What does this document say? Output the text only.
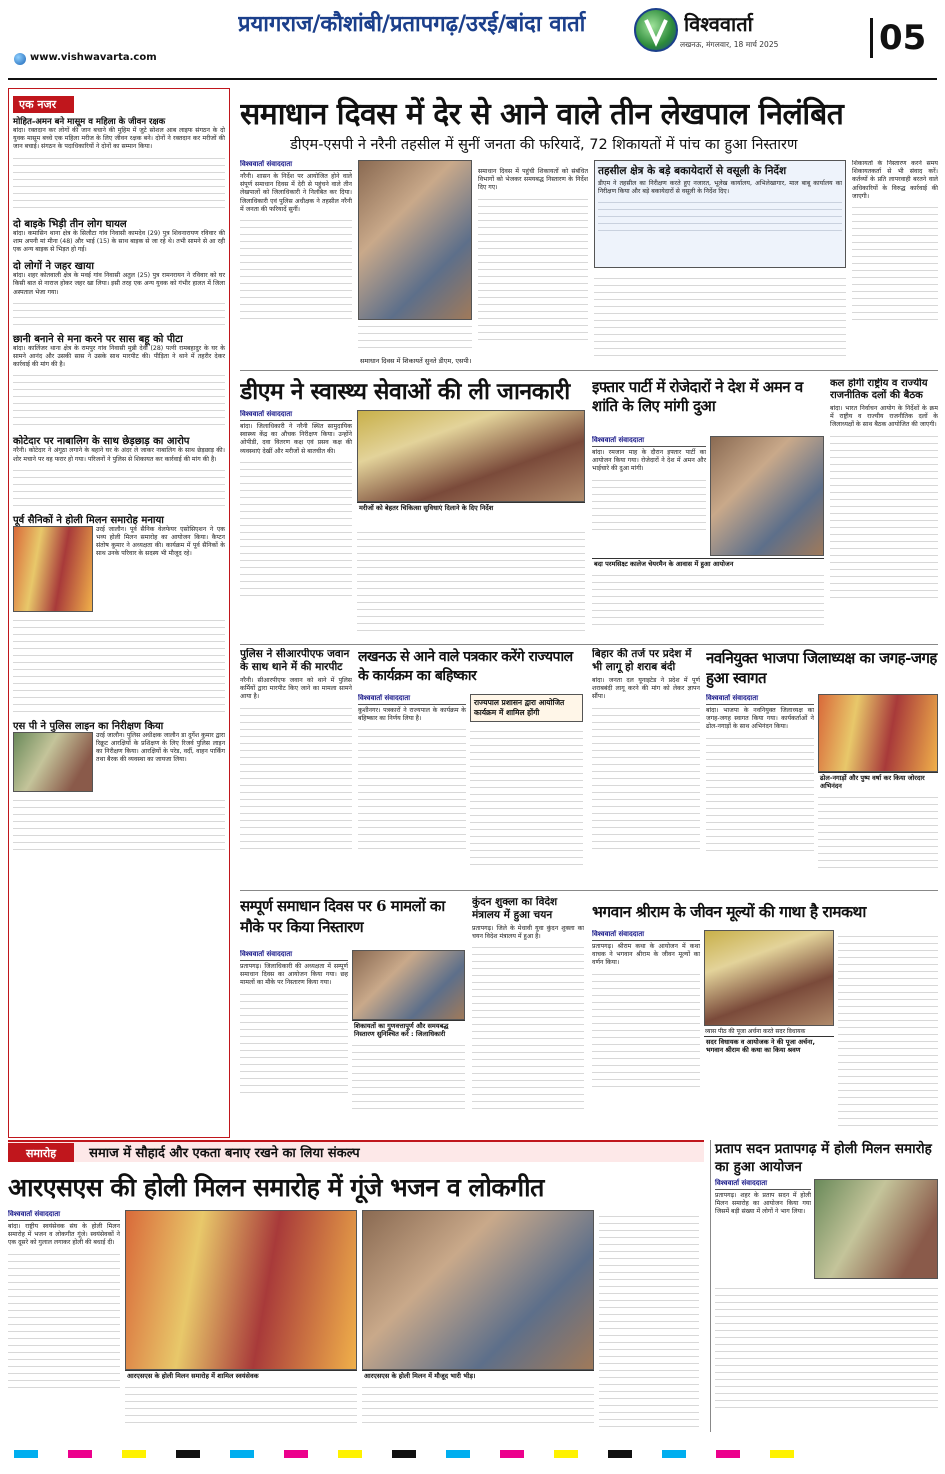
प्रयागराज/कौशांबी/प्रतापगढ़/उरई/बांदा वार्ता	विश्ववार्ता
लखनऊ, मंगलवार, 18 मार्च 2025	05
www.vishwavarta.com
एक नजर
मोहित-अमन बने मासूम व महिला के जीवन रक्षक
बांदा। रक्तदान कर लोगों की जान बचाने की मुहिम में जुटे सोशल आब लाइफ संगठन के दो युवक मासूम बच्चे एक महिला मरीज के लिए जीवन रक्षक बने। दोनों ने रक्तदान कर मरीजों की जान बचाई। संगठन के पदाधिकारियों ने दोनों का सम्मान किया।
दो बाइके भिड़ी तीन लोग घायल
बांदा। कमासिन थाना क्षेत्र के सिलौटा गांव निवासी कामदेव (29) पुत्र शिवनारायण रविवार की शाम अपनी मां मीना (48) और भाई (15) के साथ बाइक से जा रहे थे। तभी सामने से आ रही एक अन्य बाइक से भिड़त हो गई।
दो लोगों ने जहर खाया
बांदा। शहर कोतवाली क्षेत्र के मवई गांव निवासी अतुल (25) पुत्र रामनरायन ने रविवार को घर किसी बात से नाराज होकर जहर खा लिया। इसी तरह एक अन्य युवक को गंभीर हालत में जिला अस्पताल भेजा गया।
छानी बनाने से मना करने पर सास बहू को पीटा
बांदा। कालिंजर थाना क्षेत्र के रामपुर गांव निवासी मुन्नी देवी (28) पत्नी रामबहादुर के घर के सामने आनंद और उसकी सास ने उसके साथ मारपीट की। पीड़िता ने थाने में तहरीर देकर कार्रवाई की मांग की है।
कोटेदार पर नाबालिग के साथ छेड़छाड़ का आरोप
नरैनी। कोटेदार ने अंगूठा लगाने के बहाने घर के अंदर ले जाकर नाबालिग के साथ छेड़छाड़ की। शोर मचाने पर वह फरार हो गया। परिजनों ने पुलिस से शिकायत कर कार्रवाई की मांग की है।
पूर्व सैनिकों ने होली मिलन समारोह मनाया
उरई जालौन। पूर्व सैनिक वेलफेयर एसोसिएशन ने एक भव्य होली मिलन समारोह का आयोजन किया। कैप्टन संतोष कुमार ने अध्यक्षता की। कार्यक्रम में पूर्व सैनिकों के साथ उनके परिवार के सदस्य भी मौजूद रहे।
एस पी ने पुलिस लाइन का निरीक्षण किया
उरई जालौन। पुलिस अधीक्षक जालौन डा दुर्गेश कुमार द्वारा रिक्रूट आरक्षियों के प्रशिक्षण के लिए रिजर्व पुलिस लाइन का निरीक्षण किया। आरक्षियों के परेड, वर्दी, वाहन पार्किंग तथा बैरक की व्यवस्था का जायजा लिया।
समाधान दिवस में देर से आने वाले तीन लेखपाल निलंबित
डीएम-एसपी ने नरैनी तहसील में सुनीं जनता की फरियादें, 72 शिकायतों में पांच का हुआ निस्तारण
विश्ववार्ता संवाददाता
नरैनी। शासन के निर्देश पर आयोजित होने वाले संपूर्ण समाधान दिवस में देरी से पहुंचने वाले तीन लेखपालों को जिलाधिकारी ने निलंबित कर दिया। जिलाधिकारी एवं पुलिस अधीक्षक ने तहसील नरैनी में जनता की फरियादें सुनीं।
समाधान दिवस में पहुंची शिकायतों को संबंधित विभागों को भेजकर समयबद्ध निस्तारण के निर्देश दिए गए।
तहसील क्षेत्र के बड़े बकायेदारों से वसूली के निर्देश
डीएम ने तहसील का निरीक्षण करते हुए नजारत, भूलेख कार्यालय, अभिलेखागार, माल बाबू कार्यालय का निरीक्षण किया और बड़े बकायेदारों से वसूली के निर्देश दिए।
शिकायतों के निस्तारण करने समय शिकायतकर्ता से भी संवाद करें। कर्तव्यों के प्रति लापरवाही बरतने वाले अधिकारियों के विरुद्ध कार्रवाई की जाएगी।
समाधान दिवस में शिकायतें सुनते डीएम, एसपी।
डीएम ने स्वास्थ्य सेवाओं की ली जानकारी
विश्ववार्ता संवाददाता
बांदा। जिलाधिकारी ने नरैनी स्थित सामुदायिक स्वास्थ्य केंद्र का औचक निरीक्षण किया। उन्होंने ओपीडी, दवा वितरण कक्ष एवं प्रसव कक्ष की व्यवस्थाएं देखीं और मरीजों से बातचीत की।
मरीजों को बेहतर चिकित्सा सुविधाएं दिलाने के दिए निर्देश
इफ्तार पार्टी में रोजेदारों ने देश में अमन व शांति के लिए मांगी दुआ
विश्ववार्ता संवाददाता
बांदा। रमजान माह के दौरान इफ्तार पार्टी का आयोजन किया गया। रोजेदारों ने देश में अमन और भाईचारे की दुआ मांगी।
बदा परमसिक्ष्ट कालेज चेयरमैन के आवास में हुआ आयोजन
कल होगी राष्ट्रीय व राज्यीय राजनीतिक दलों की बैठक
बांदा। भारत निर्वाचन आयोग के निर्देशों के क्रम में राष्ट्रीय व राज्यीय राजनीतिक दलों के जिलाध्यक्षों के साथ बैठक आयोजित की जाएगी।
पुलिस ने सीआरपीएफ जवान के साथ थाने में की मारपीट
नरैनी। सीआरपीएफ जवान को थाने में पुलिस कर्मियों द्वारा मारपीट किए जाने का मामला सामने आया है।
लखनऊ से आने वाले पत्रकार करेंगे राज्यपाल के कार्यक्रम का बहिष्कार
विश्ववार्ता संवाददाता
कुशीनगर। पत्रकारों ने राज्यपाल के कार्यक्रम के बहिष्कार का निर्णय लिया है।
राज्यपाल प्रशासन द्वारा आयोजित कार्यक्रम में शामिल होंगी
बिहार की तर्ज पर प्रदेश में भी लागू हो शराब बंदी
बांदा। जनता दल यूनाइटेड ने प्रदेश में पूर्ण शराबबंदी लागू करने की मांग को लेकर ज्ञापन सौंपा।
नवनियुक्त भाजपा जिलाध्यक्ष का जगह-जगह हुआ स्वागत
विश्ववार्ता संवाददाता
बांदा। भाजपा के नवनियुक्त जिलाध्यक्ष का जगह-जगह स्वागत किया गया। कार्यकर्ताओं ने ढोल-नगाड़ों के साथ अभिनंदन किया।
ढोल-नगाड़ों और पुष्प वर्षा कर किया जोरदार अभिनंदन
सम्पूर्ण समाधान दिवस पर 6 मामलों का मौके पर किया निस्तारण
विश्ववार्ता संवाददाता
प्रतापगढ़। जिलाधिकारी की अध्यक्षता में सम्पूर्ण समाधान दिवस का आयोजन किया गया। छह मामलों का मौके पर निस्तारण किया गया।
शिकायतों का गुणवत्तापूर्ण और समयबद्ध निस्तारण सुनिश्चित करें : जिलाधिकारी
कुंदन शुक्ला का विदेश मंत्रालय में हुआ चयन
प्रतापगढ़। जिले के मेधावी युवा कुंदन शुक्ला का चयन विदेश मंत्रालय में हुआ है।
भगवान श्रीराम के जीवन मूल्यों की गाथा है रामकथा
विश्ववार्ता संवाददाता
प्रतापगढ़। श्रीराम कथा के आयोजन में कथा वाचक ने भगवान श्रीराम के जीवन मूल्यों का वर्णन किया।
व्यास पीठ की पूजा अर्चना करते सदर विधायक
सदर विधायक व आयोजक ने की पूजा अर्चना, भगवान श्रीराम की कथा का किया श्रवण
समारोह	समाज में सौहार्द और एकता बनाए रखने का लिया संकल्प
आरएसएस की होली मिलन समारोह में गूंजे भजन व लोकगीत
विश्ववार्ता संवाददाता
बांदा। राष्ट्रीय स्वयंसेवक संघ के होली मिलन समारोह में भजन व लोकगीत गूंजे। स्वयंसेवकों ने एक दूसरे को गुलाल लगाकर होली की बधाई दी।
आरएसएस के होली मिलन समारोह में शामिल स्वयंसेवक	आरएसएस के होली मिलन में मौजूद भारी भीड़।
प्रताप सदन प्रतापगढ़ में होली मिलन समारोह का हुआ आयोजन
विश्ववार्ता संवाददाता
प्रतापगढ़। शहर के प्रताप सदन में होली मिलन समारोह का आयोजन किया गया जिसमें बड़ी संख्या में लोगों ने भाग लिया।
